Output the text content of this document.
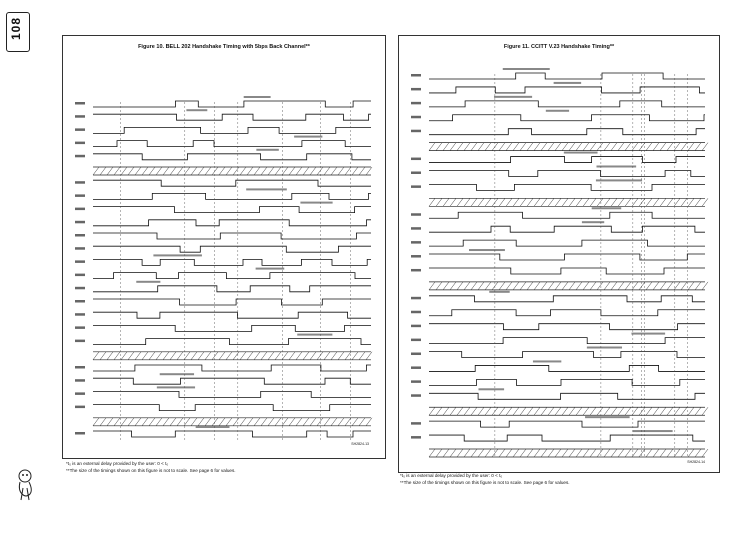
108
Figure 10. BELL 202 Handshake Timing with 5bps Back Channel**
SH2824-13
*t₀ is an external delay provided by the user: 0 < t₀
**The size of the timings shown on this figure is not to scale. See page 6 for values.
Figure 11. CCITT V.23 Handshake Timing**
SH2824-14
*t₀ is an external delay provided by the user: 0 < t₀
**The size of the timings shown on this figure is not to scale. See page 6 for values.
